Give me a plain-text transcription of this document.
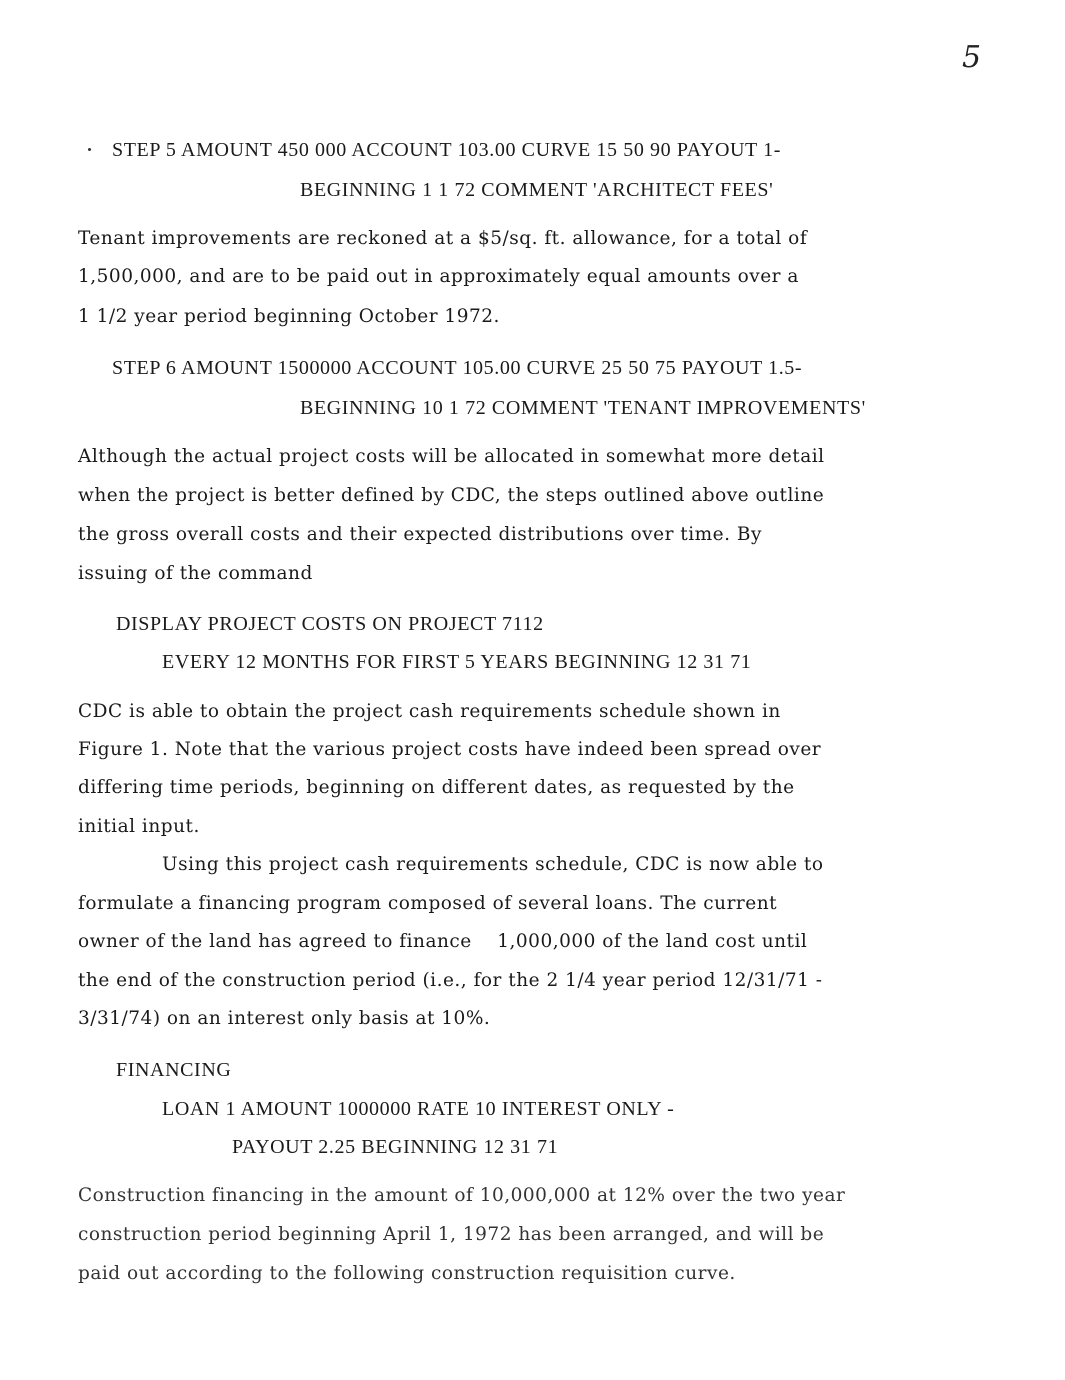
5
STEP 5 AMOUNT 450 000 ACCOUNT 103.00 CURVE 15 50 90 PAYOUT 1-
BEGINNING 1 1 72 COMMENT 'ARCHITECT FEES'
Tenant improvements are reckoned at a $5/sq. ft. allowance, for a total of
1,500,000, and are to be paid out in approximately equal amounts over a
1 1/2 year period beginning October 1972.
STEP 6 AMOUNT 1500000 ACCOUNT 105.00 CURVE 25 50 75 PAYOUT 1.5-
BEGINNING 10 1 72 COMMENT 'TENANT IMPROVEMENTS'
Although the actual project costs will be allocated in somewhat more detail
when the project is better defined by CDC, the steps outlined above outline
the gross overall costs and their expected distributions over time. By
issuing of the command
DISPLAY PROJECT COSTS ON PROJECT 7112
EVERY 12 MONTHS FOR FIRST 5 YEARS BEGINNING 12 31 71
CDC is able to obtain the project cash requirements schedule shown in
Figure 1. Note that the various project costs have indeed been spread over
differing time periods, beginning on different dates, as requested by the
initial input.
Using this project cash requirements schedule, CDC is now able to
formulate a financing program composed of several loans. The current
owner of the land has agreed to finance    1,000,000 of the land cost until
the end of the construction period (i.e., for the 2 1/4 year period 12/31/71 -
3/31/74) on an interest only basis at 10%.
FINANCING
LOAN 1 AMOUNT 1000000 RATE 10 INTEREST ONLY -
PAYOUT 2.25 BEGINNING 12 31 71
Construction financing in the amount of 10,000,000 at 12% over the two year
construction period beginning April 1, 1972 has been arranged, and will be
paid out according to the following construction requisition curve.
